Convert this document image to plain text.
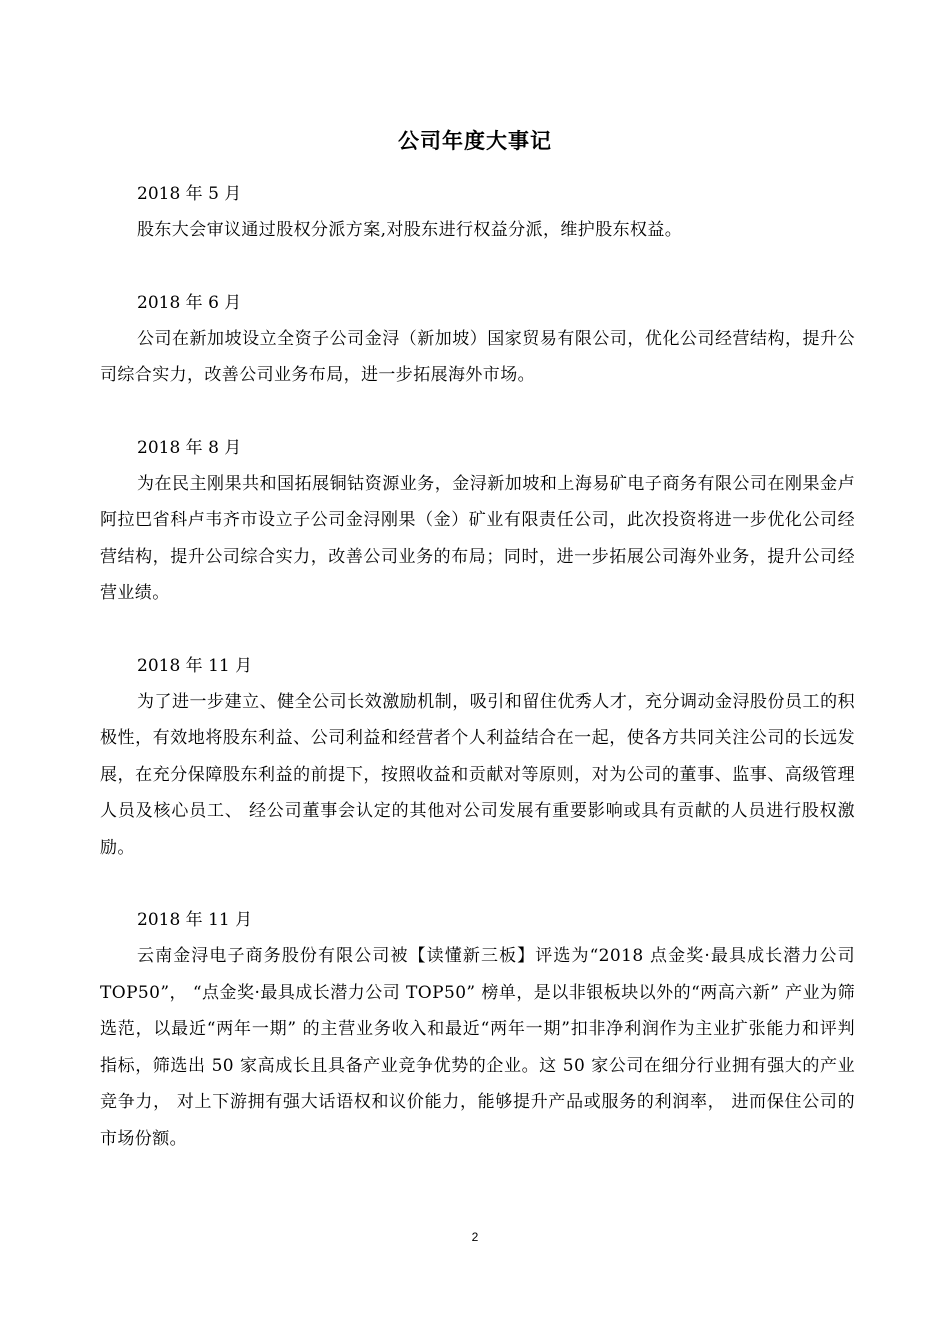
公司年度大事记
2018 年 5 月

股东大会审议通过股权分派方案,对股东进行权益分派，维护股东权益。

2018 年 6 月

公司在新加坡设立全资子公司金浔（新加坡）国家贸易有限公司，优化公司经营结构，提升公司综合实力，改善公司业务布局，进一步拓展海外市场。

2018 年 8 月

为在民主刚果共和国拓展铜钴资源业务，金浔新加坡和上海易矿电子商务有限公司在刚果金卢阿拉巴省科卢韦齐市设立子公司金浔刚果（金）矿业有限责任公司，此次投资将进一步优化公司经营结构，提升公司综合实力，改善公司业务的布局；同时，进一步拓展公司海外业务，提升公司经营业绩。

2018 年 11 月

为了进一步建立、健全公司长效激励机制，吸引和留住优秀人才，充分调动金浔股份员工的积极性，有效地将股东利益、公司利益和经营者个人利益结合在一起，使各方共同关注公司的长远发展，在充分保障股东利益的前提下，按照收益和贡献对等原则，对为公司的董事、监事、高级管理人员及核心员工、 经公司董事会认定的其他对公司发展有重要影响或具有贡献的人员进行股权激励。

2018 年 11 月

云南金浔电子商务股份有限公司被【读懂新三板】评选为“2018 点金奖·最具成长潜力公司 TOP50”， “点金奖·最具成长潜力公司 TOP50” 榜单，是以非银板块以外的“两高六新” 产业为筛选范，以最近“两年一期” 的主营业务收入和最近“两年一期”扣非净利润作为主业扩张能力和评判指标，筛选出 50 家高成长且具备产业竞争优势的企业。这 50 家公司在细分行业拥有强大的产业竞争力， 对上下游拥有强大话语权和议价能力，能够提升产品或服务的利润率， 进而保住公司的市场份额。

2
